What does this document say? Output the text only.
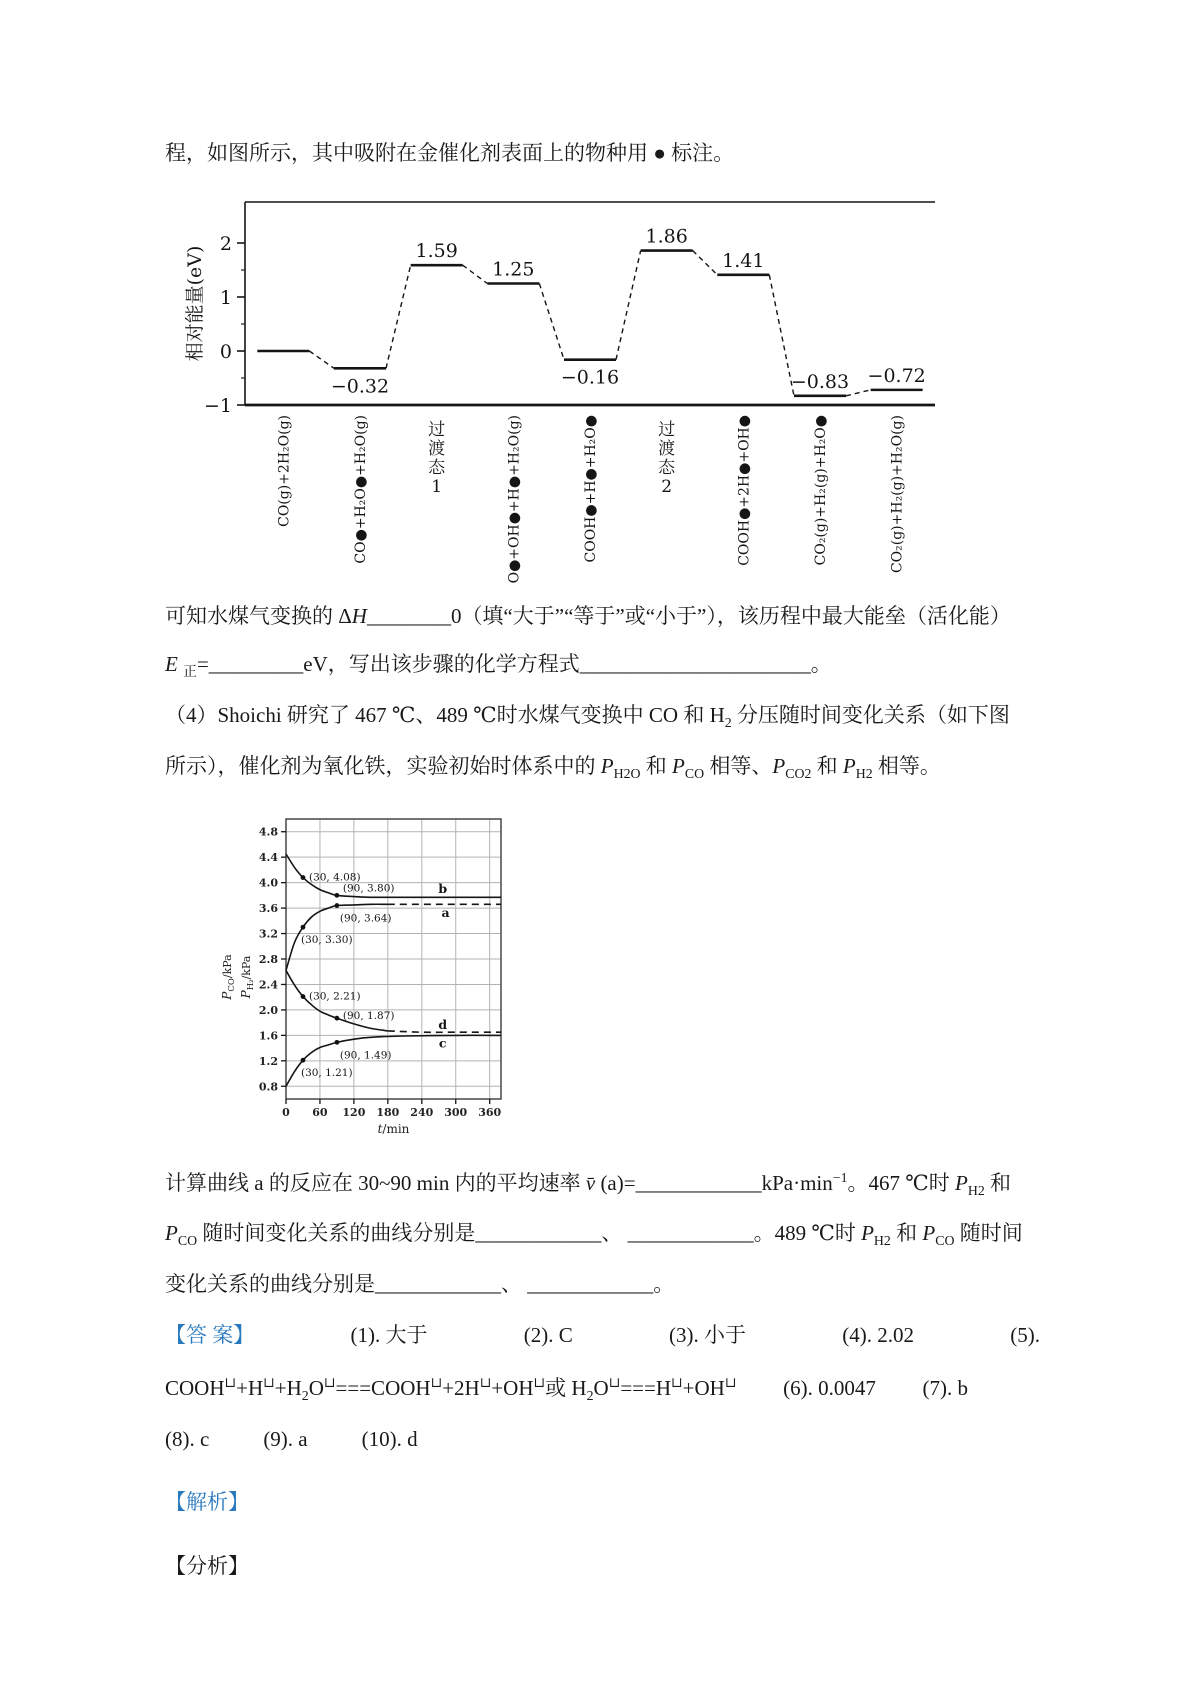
程，如图所示，其中吸附在金催化剂表面上的物种用 ● 标注。

2
1
0
−1
相对能量(eV)
CO(g)+2H₂O(g)
−0.32
CO●+H₂O●+H₂O(g)
1.59
过
渡
态
1
1.25
CO●+OH●+H●+H₂O(g)
−0.16
COOH●+H●+H₂O●
1.86
过
渡
态
2
1.41
COOH●+2H●+OH●
−0.83
CO₂(g)+H₂(g)+H₂O●
−0.72
CO₂(g)+H₂(g)+H₂O(g)

可知水煤气变换的 ΔH________0（填“大于”“等于”或“小于”），该历程中最大能垒（活化能）

E $_正$=_________eV，写出该步骤的化学方程式______________________。

（4）Shoichi 研究了 467 ℃、489 ℃时水煤气变换中 CO 和 $H_2$ 分压随时间变化关系（如下图

所示），催化剂为氧化铁，实验初始时体系中的 $P_{H2O}$ 和 $P_{CO}$ 相等、$P_{CO2}$ 和 $P_{H2}$ 相等。

0.8
1.2
1.6
2.0
2.4
2.8
3.2
3.6
4.0
4.4
4.8
0 60 120 180 240 300 360
t/min
$P_{CO}$/kPa
$P_{H_2}$/kPa
b
a
d
c
(30, 4.08)
(90, 3.80)
(90, 3.64)
(30, 3.30)
(30, 2.21)
(90, 1.87)
(90, 1.49)
(30, 1.21)

计算曲线 a 的反应在 30~90 min 内的平均速率 v̄ $(a)=\_\_\_\_\_\_\_\_\_\_\_\_kPa\cdot\min^{-1}$。467 ℃时 $P_{H2}$ 和

$P_{CO}$ 随时间变化关系的曲线分别是____________、 ____________。489 ℃时 $P_{H2}$ 和 $P_{CO}$ 随时间

变化关系的曲线分别是____________、 ____________。

【答 案】	(1). 大于	(2). C	(3). 小于	(4). 2.02	(5).
$COOH^⊔+H^⊔+H_2O^⊔===COOH^⊔+2H^⊔+OH^⊔$或 $H_2O^⊔===H^⊔+OH^⊔$ (6). 0.0047 (7). b
(8). c	(9). a	(10). d

【解析】

【分析】
